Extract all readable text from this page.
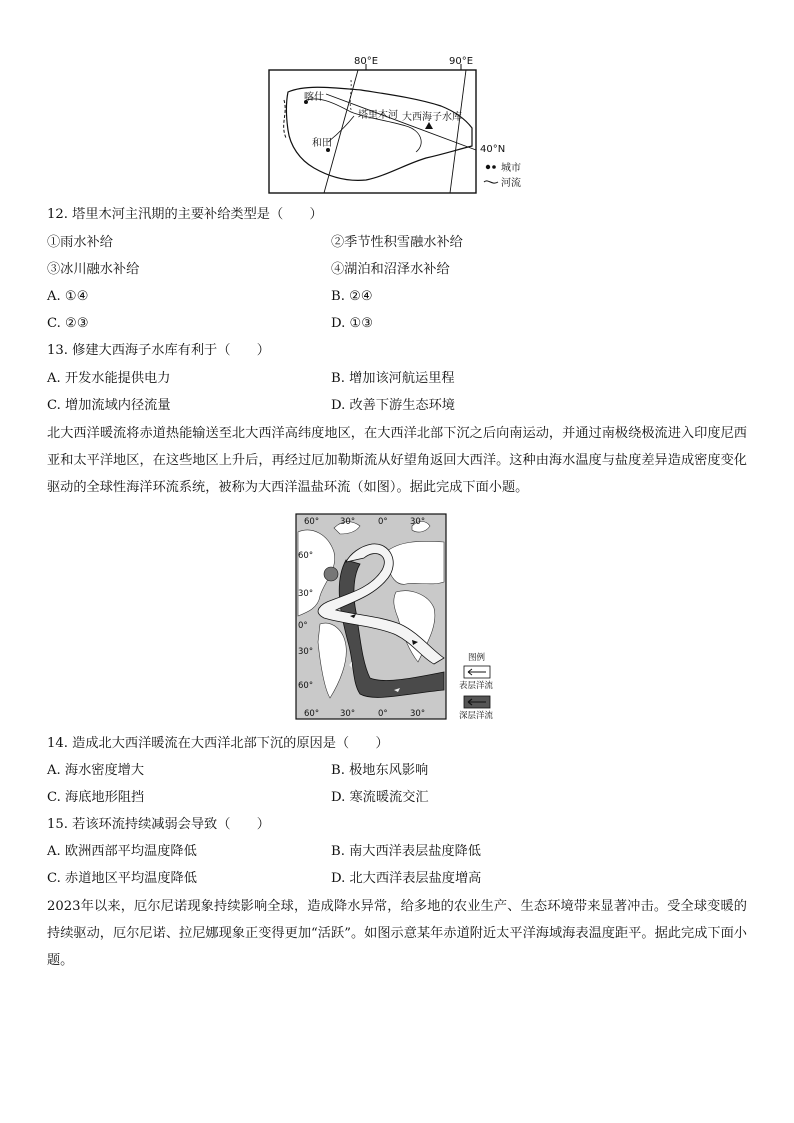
80°E	90°E
40°N
喀什
和田
塔里木河 大西海子水库
城市
河流
12. 塔里木河主汛期的主要补给类型是（　　）
①雨水补给	②季节性积雪融水补给
③冰川融水补给	④湖泊和沼泽水补给
A. ①④	B. ②④
C. ②③	D. ①③
13. 修建大西海子水库有利于（　　）
A. 开发水能提供电力	B. 增加该河航运里程
C. 增加流域内径流量	D. 改善下游生态环境
北大西洋暖流将赤道热能输送至北大西洋高纬度地区，在大西洋北部下沉之后向南运动，并通过南极绕极流进入印度尼西亚和太平洋地区，在这些地区上升后，再经过厄加勒斯流从好望角返回大西洋。这种由海水温度与盐度差异造成密度变化驱动的全球性海洋环流系统，被称为大西洋温盐环流（如图）。据此完成下面小题。
60° 30°	0°	30°
60° 30°	0°	30°
60°
30°
0°
30°
60°
图例
表层洋流
深层洋流
14. 造成北大西洋暖流在大西洋北部下沉的原因是（　　）
A. 海水密度增大	B. 极地东风影响
C. 海底地形阻挡	D. 寒流暖流交汇
15. 若该环流持续减弱会导致（　　）
A. 欧洲西部平均温度降低	B. 南大西洋表层盐度降低
C. 赤道地区平均温度降低	D. 北大西洋表层盐度增高
2023年以来，厄尔尼诺现象持续影响全球，造成降水异常，给多地的农业生产、生态环境带来显著冲击。受全球变暖的持续驱动，厄尔尼诺、拉尼娜现象正变得更加“活跃”。如图示意某年赤道附近太平洋海域海表温度距平。据此完成下面小题。
